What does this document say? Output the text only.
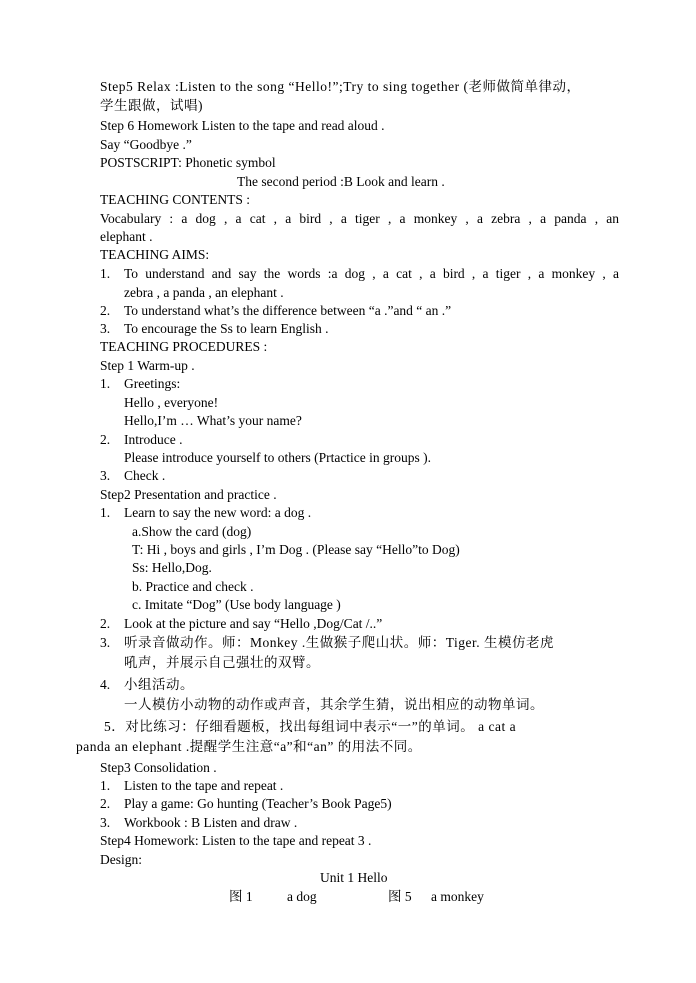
Step5 Relax :Listen to the song “Hello!”;Try to sing together (老师做简单律动，
学生跟做，试唱)
Step 6 Homework Listen to the tape and read aloud .
Say “Goodbye .”
POSTSCRIPT: Phonetic symbol
The second period :B Look and learn .
TEACHING CONTENTS :
Vocabulary : a dog , a cat , a bird , a tiger , a monkey , a zebra , a panda , an
elephant .
TEACHING AIMS:
1. To understand and say the words :a dog , a cat , a bird , a tiger , a monkey , a
zebra , a panda , an elephant .
2. To understand what’s the difference between “a .”and “ an .”
3. To encourage the Ss to learn English .
TEACHING PROCEDURES :
Step 1 Warm-up .
1. Greetings:
Hello , everyone!
Hello,I’m … What’s your name?
2. Introduce .
Please introduce yourself to others (Prtactice in groups ).
3. Check .
Step2 Presentation and practice .
1. Learn to say the new word: a dog .
a.Show the card (dog)
T: Hi , boys and girls , I’m Dog . (Please say “Hello”to Dog)
Ss: Hello,Dog.
b. Practice and check .
c. Imitate “Dog” (Use body language )
2. Look at the picture and say “Hello ,Dog/Cat /..”
3. 听录音做动作。师：Monkey .生做猴子爬山状。师：Tiger. 生模仿老虎
吼声，并展示自己强壮的双臂。
4. 小组活动。
一人模仿小动物的动作或声音，其余学生猜，说出相应的动物单词。
5．对比练习：仔细看题板，找出每组词中表示“一”的单词。 a cat a
panda an elephant .提醒学生注意“a”和“an” 的用法不同。
Step3 Consolidation .
1. Listen to the tape and repeat .
2. Play a game: Go hunting (Teacher’s Book Page5)
3. Workbook : B Listen and draw .
Step4 Homework: Listen to the tape and repeat 3 .
Design:
Unit 1 Hello
图 1	a dog	图 5 a monkey
